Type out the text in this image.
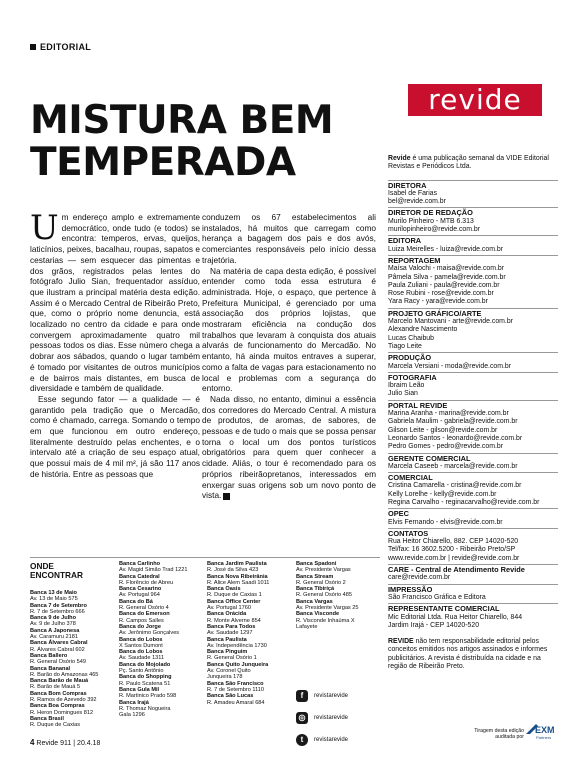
EDITORIAL
MISTURA BEM
TEMPERADA

Um endereço amplo e extremamente democrático, onde tudo (e todos) se encontra: temperos, ervas, queijos, laticínios, peixes, bacalhau, roupas, sapatos e cestarias — sem esquecer das pimentas e dos grãos, registrados pelas lentes do fotógrafo Julio Sian, frequentador assíduo, que ilustram a principal matéria desta edição. Assim é o Mercado Central de Ribeirão Preto, que, como o próprio nome denuncia, está localizado no centro da cidade e para onde convergem aproximadamente quatro mil pessoas todos os dias. Esse número chega a dobrar aos sábados, quando o lugar também é tomado por visitantes de outros municípios e de bairros mais distantes, em busca de diversidade e também de qualidade.

Esse segundo fator — a qualidade — é garantido pela tradição que o Mercadão, como é chamado, carrega. Somando o tempo em que funcionou em outro endereço, literalmente destruído pelas enchentes, e o intervalo até a criação de seu espaço atual, que possui mais de 4 mil m², já são 117 anos de história. Entre as pessoas que

conduzem os 67 estabelecimentos ali instalados, há muitos que carregam como herança a bagagem dos pais e dos avós, comerciantes responsáveis pelo início dessa trajetória.

Na matéria de capa desta edição, é possível entender como toda essa estrutura é administrada. Hoje, o espaço, que pertence à Prefeitura Municipal, é gerenciado por uma associação dos próprios lojistas, que mostraram eficiência na condução dos trabalhos que levaram à conquista dos atuais alvarás de funcionamento do Mercadão. No entanto, há ainda muitos entraves a superar, como a falta de vagas para estacionamento no local e problemas com a segurança do entorno.

Nada disso, no entanto, diminui a essência dos corredores do Mercado Central. A mistura de produtos, de aromas, de sabores, de pessoas e de tudo o mais que se possa pensar torna o local um dos pontos turísticos obrigatórios para quem quer conhecer a cidade. Aliás, o tour é recomendado para os próprios ribeirãopretanos, interessados em enxergar suas origens sob um novo ponto de vista.

revide

Revide é uma publicação semanal da VIDE Editorial Revistas e Periódicos Ltda.

DIRETORA

Isabel de Farias

bel@revide.com.br

DIRETOR DE REDAÇÃO

Murilo Pinheiro - MTB 6.313

murilopinheiro@revide.com.br

EDITORA

Luiza Meirelles - luiza@revide.com.br

REPORTAGEM

Maísa Valochi - maisa@revide.com.br

Pâmela Silva - pamela@revide.com.br

Paula Zuliani - paula@revide.com.br

Rose Rubini - rose@revide.com.br

Yara Racy - yara@revide.com.br

PROJETO GRÁFICO/ARTE

Marcelo Mantovani - arte@revide.com.br

Alexandre Nascimento

Lucas Chaibub

Tiago Leite

PRODUÇÃO

Marcela Versiani - moda@revide.com.br

FOTOGRAFIA

Ibraim Leão

Julio Sian

PORTAL REVIDE

Marina Aranha - marina@revide.com.br

Gabriela Maulim - gabriela@revide.com.br

Gilson Leite - gilson@revide.com.br

Leonardo Santos - leonardo@revide.com.br

Pedro Gomes - pedro@revide.com.br

GERENTE COMERCIAL

Marcela Caseeb - marcela@revide.com.br

COMERCIAL

Cristina Camarella - cristina@revide.com.br

Kelly Lorelhe - kelly@revide.com.br

Regina Carvalho - reginacarvalho@revide.com.br

OPEC

Elvis Fernando - elvis@revide.com.br

CONTATOS

Rua Heitor Chiarello, 882. CEP 14020-520

Tel/fax: 16 3602.5200 - Ribeirão Preto/SP

www.revide.com.br | revide@revide.com.br

CARE - Central de Atendimento Revide

care@revide.com.br

IMPRESSÃO

São Francisco Gráfica e Editora

REPRESENTANTE COMERCIAL

Mic Editorial Ltda. Rua Heitor Chiarello, 844

Jardim Irajá - CEP 14020-520

REVIDE não tem responsabilidade editorial pelos conceitos emitidos nos artigos assinados e informes publicitários. A revista é distribuída na cidade e na região de Ribeirão Preto.

ONDE ENCONTRAR
Banca 13 de Maio
Av. 13 de Maio 575
Banca 7 de Setembro
R. 7 de Setembro 666
Banca 9 de Julho
Av. 9 de Julho 378
Banca A Japonesa
Av. Caramuru 2181
Banca Álvares Cabral
R. Álvares Cabral 602
Banca Ballero
R. General Osório 549
Banca Bananal
R. Barão do Amazonas 465
Banca Barão de Mauá
R. Barão de Mauá 5
Banca Bom Compras
R. Ramos de Azevedo 392
Banca Boa Compras
R. Heron Domingues 812
Banca Brasil
R. Duque de Caxias
Banca Carlinho
Av. Magid Simão Trad 1221
Banca Catedral
R. Florêncio de Abreu
Banca Cesarino
Av. Portugal 964
Banca do Bá
R. General Osório 4
Banca do Emerson
R. Campos Salles
Banca do Jorge
Av. Jerônimo Gonçalves
Banca do Lobos
X Santos Dumont
Banca do Lobos
Av. Saudade 1311
Banca do Mojolado
Pç. Santo Antônio
Banca do Shopping
R. Paulo Scatena 51
Banca Gula Mil
R. Martinico Prado 598
Banca Irajá
R. Thomaz Nogueira
Gala 1296
Banca Jardim Paulista
R. José da Silva 423
Banca Nova Ribeirânia
R. Alice Alem Saadi 1011
Banca Oasis
R. Duque de Caxias 1
Banca Office Center
Av. Portugal 1760
Banca Orácida
R. Monte Alverne 854
Banca Para Todos
Av. Saudade 1297
Banca Paulista
Av. Independência 1730
Banca Pinguim
R. General Osório 1
Banca Quito Junqueira
Av. Coronel Quito
Junqueira 178
Banca São Francisco
R. 7 de Setembro 1110
Banca São Lucas
R. Amadeu Amaral 684
Banca Spadoni
Av. Presidente Vargas
Banca Stream
R. General Osório 2
Banca Tibiriçá
R. General Osório 485
Banca Vargas
Av. Presidente Vargas 25
Banca Visconde
R. Visconde Inhaúma X
Lafayete
f	revistarevide
◎	revistarevide
t	revistarevide
Tiragem desta edição auditada por
EXM
Partners
4 Revide 911 | 20.4.18
